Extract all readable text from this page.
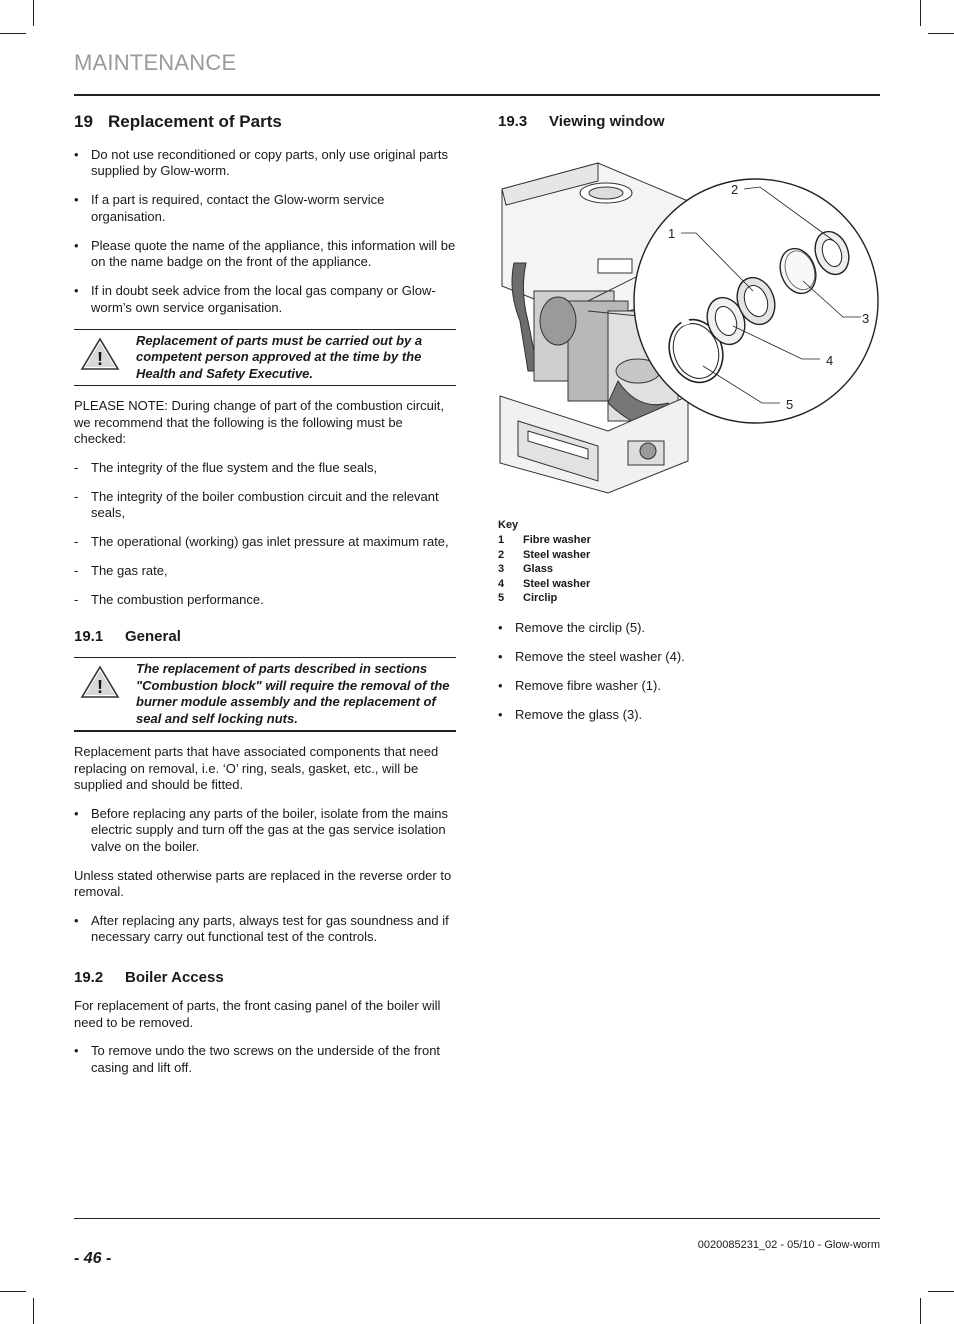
MAINTENANCE
19 Replacement of Parts
• Do not use reconditioned or copy parts, only use original parts supplied by Glow-worm.
• If a part is required, contact the Glow-worm service organisation.
• Please quote the name of the appliance, this information will be on the name badge on the front of the appliance.
• If in doubt seek advice from the local gas company or Glow-worm’s own service organisation.
!
Replacement of parts must be carried out by a competent person approved at the time by the Health and Safety Executive.

PLEASE NOTE: During change of part of the combustion circuit, we recommend that the following is the following must be checked:

- The integrity of the flue system and the flue seals,
- The integrity of the boiler combustion circuit and the relevant seals,
- The operational (working) gas inlet pressure at maximum rate,
- The gas rate,
- The combustion performance.
19.1 General
!
The replacement of parts described in sections "Combustion block" will require the removal of the burner module assembly and the replacement of seal and self locking nuts.

Replacement parts that have associated components that need replacing on removal, i.e. ‘O’ ring, seals, gasket, etc., will be supplied and should be fitted.

• Before replacing any parts of the boiler, isolate from the mains electric supply and turn off the gas at the gas service isolation valve on the boiler.

Unless stated otherwise parts are replaced in the reverse order to removal.

• After replacing any parts, always test for gas soundness and if necessary carry out functional test of the controls.
19.2 Boiler Access

For replacement of parts, the front casing panel of the boiler will need to be removed.

• To remove undo the two screws on the underside of the front casing and lift off.
19.3 Viewing window
1
2
3
4
5
Key
1	Fibre washer
2	Steel washer
3	Glass
4	Steel washer
5	Circlip
• Remove the circlip (5).
• Remove the steel washer (4).
• Remove fibre washer (1).
• Remove the glass (3).
0020085231_02 - 05/10 - Glow-worm
- 46 -
